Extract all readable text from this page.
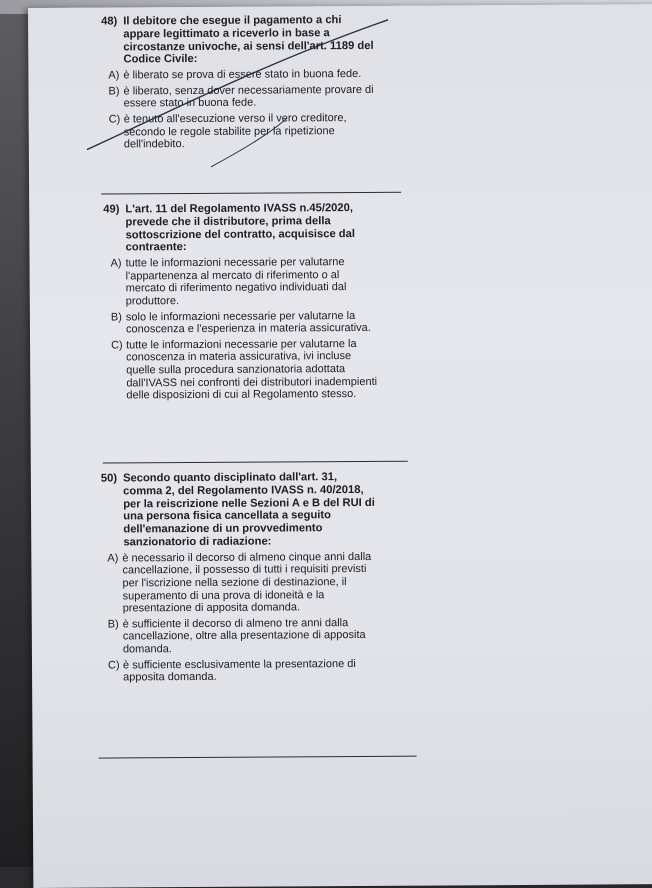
48) Il debitore che esegue il pagamento a chi
appare legittimato a riceverlo in base a
circostanze univoche, ai sensi dell'art. 1189 del
Codice Civile:
A) è liberato se prova di essere stato in buona fede.
B) è liberato, senza dover necessariamente provare di
essere stato in buona fede.
C) è tenuto all'esecuzione verso il vero creditore,
secondo le regole stabilite per la ripetizione
dell'indebito.
49) L'art. 11 del Regolamento IVASS n.45/2020,
prevede che il distributore, prima della
sottoscrizione del contratto, acquisisce dal
contraente:
A) tutte le informazioni necessarie per valutarne
l'appartenenza al mercato di riferimento o al
mercato di riferimento negativo individuati dal
produttore.
B) solo le informazioni necessarie per valutarne la
conoscenza e l'esperienza in materia assicurativa.
C) tutte le informazioni necessarie per valutarne la
conoscenza in materia assicurativa, ivi incluse
quelle sulla procedura sanzionatoria adottata
dall'IVASS nei confronti dei distributori inadempienti
delle disposizioni di cui al Regolamento stesso.
50) Secondo quanto disciplinato dall'art. 31,
comma 2, del Regolamento IVASS n. 40/2018,
per la reiscrizione nelle Sezioni A e B del RUI di
una persona fisica cancellata a seguito
dell'emanazione di un provvedimento
sanzionatorio di radiazione:
A) è necessario il decorso di almeno cinque anni dalla
cancellazione, il possesso di tutti i requisiti previsti
per l'iscrizione nella sezione di destinazione, il
superamento di una prova di idoneità e la
presentazione di apposita domanda.
B) è sufficiente il decorso di almeno tre anni dalla
cancellazione, oltre alla presentazione di apposita
domanda.
C) è sufficiente esclusivamente la presentazione di
apposita domanda.
